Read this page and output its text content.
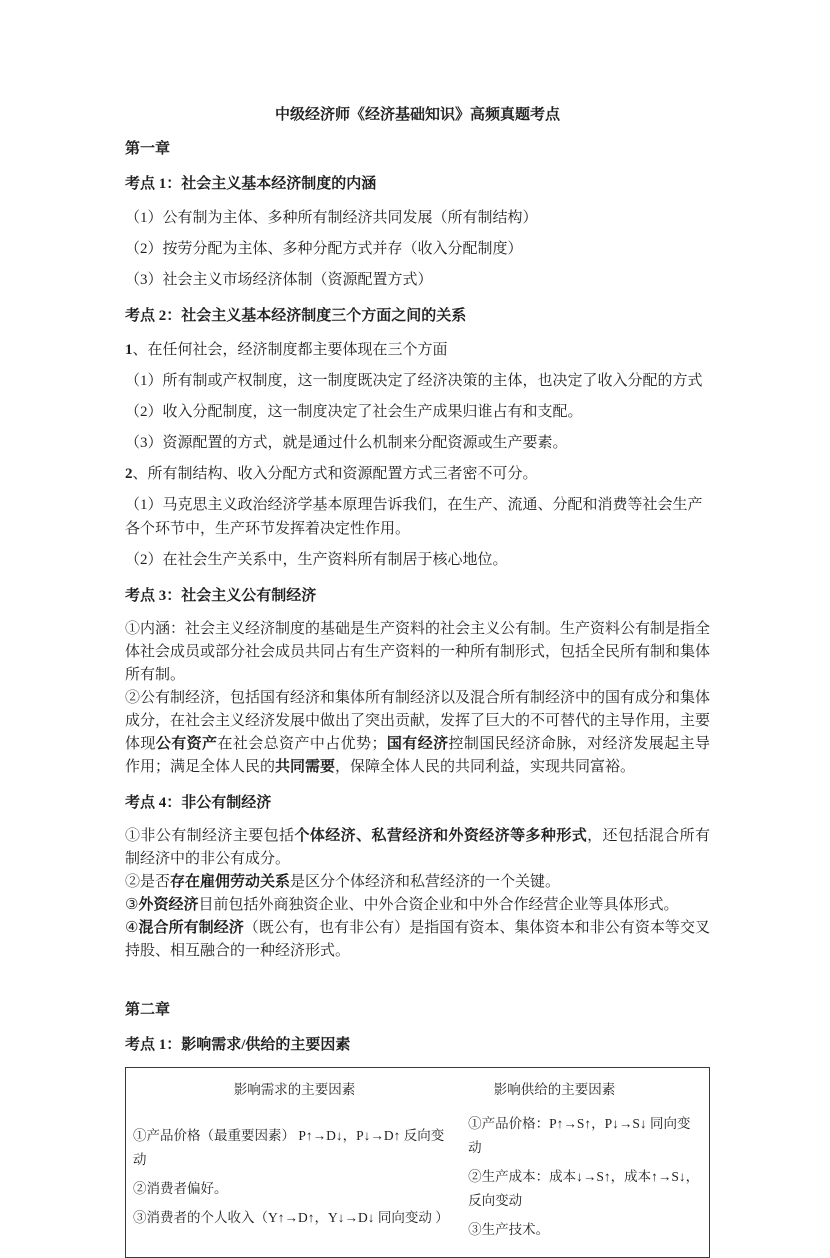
中级经济师《经济基础知识》高频真题考点

第一章

考点 1：社会主义基本经济制度的内涵

（1）公有制为主体、多种所有制经济共同发展（所有制结构）

（2）按劳分配为主体、多种分配方式并存（收入分配制度）

（3）社会主义市场经济体制（资源配置方式）

考点 2：社会主义基本经济制度三个方面之间的关系

1、在任何社会，经济制度都主要体现在三个方面

（1）所有制或产权制度，这一制度既决定了经济决策的主体，也决定了收入分配的方式

（2）收入分配制度，这一制度决定了社会生产成果归谁占有和支配。

（3）资源配置的方式，就是通过什么机制来分配资源或生产要素。

2、所有制结构、收入分配方式和资源配置方式三者密不可分。

（1）马克思主义政治经济学基本原理告诉我们，在生产、流通、分配和消费等社会生产各个环节中，生产环节发挥着决定性作用。

（2）在社会生产关系中，生产资料所有制居于核心地位。

考点 3：社会主义公有制经济

①内涵：社会主义经济制度的基础是生产资料的社会主义公有制。生产资料公有制是指全体社会成员或部分社会成员共同占有生产资料的一种所有制形式，包括全民所有制和集体所有制。

②公有制经济，包括国有经济和集体所有制经济以及混合所有制经济中的国有成分和集体成分，在社会主义经济发展中做出了突出贡献，发挥了巨大的不可替代的主导作用，主要体现公有资产在社会总资产中占优势；国有经济控制国民经济命脉，对经济发展起主导作用；满足全体人民的共同需要，保障全体人民的共同利益，实现共同富裕。

考点 4：非公有制经济

①非公有制经济主要包括个体经济、私营经济和外资经济等多种形式，还包括混合所有制经济中的非公有成分。

②是否存在雇佣劳动关系是区分个体经济和私营经济的一个关键。

③外资经济目前包括外商独资企业、中外合资企业和中外合作经营企业等具体形式。

④混合所有制经济（既公有，也有非公有）是指国有资本、集体资本和非公有资本等交叉持股、相互融合的一种经济形式。

第二章

考点 1：影响需求/供给的主要因素

影响需求的主要因素

①产品价格（最重要因素） P↑→D↓，P↓→D↑ 反向变动

②消费者偏好。

③消费者的个人收入（Y↑→D↑，Y↓→D↓ 同向变动 ）

影响供给的主要因素

①产品价格：P↑→S↑，P↓→S↓ 同向变动

②生产成本：成本↓→S↑，成本↑→S↓，反向变动

③生产技术。
